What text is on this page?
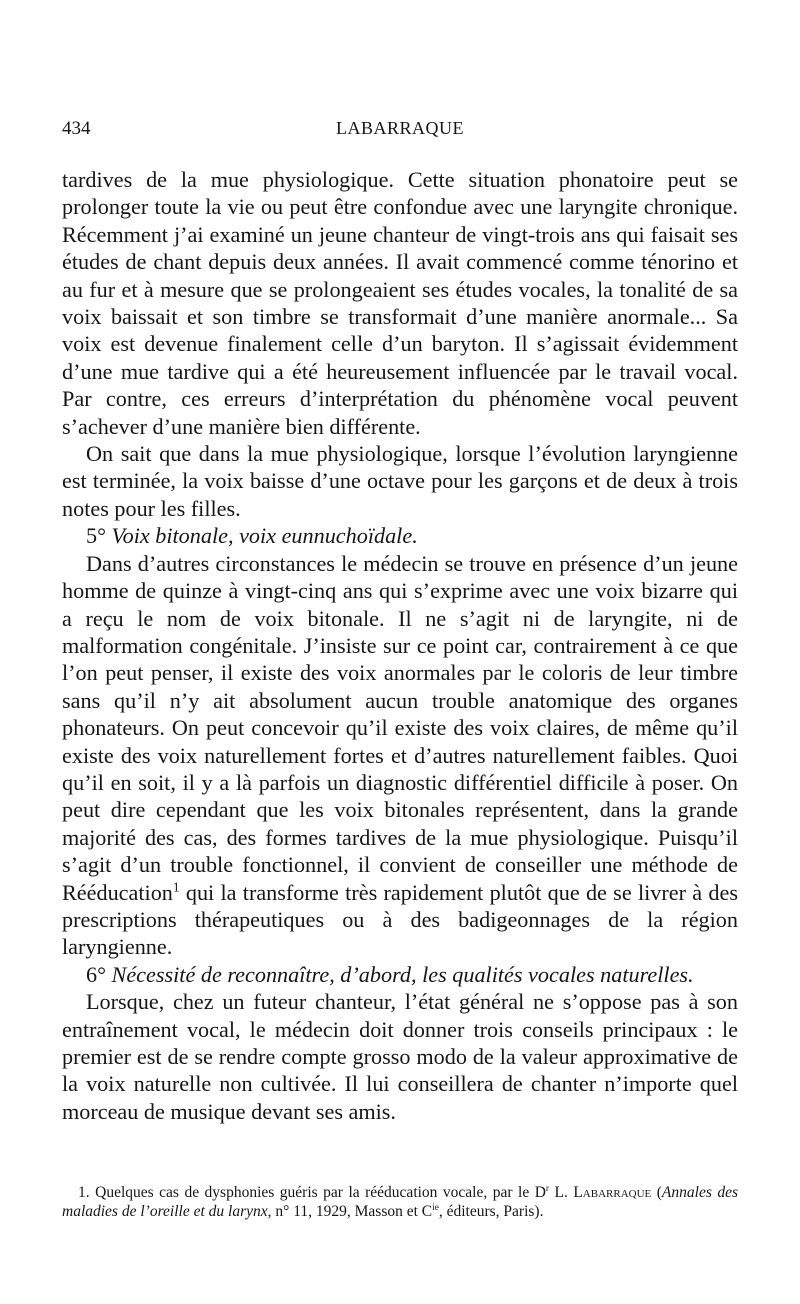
434	LABARRAQUE

tardives de la mue physiologique. Cette situation phonatoire peut se prolonger toute la vie ou peut être confondue avec une laryngite chronique. Récemment j’ai examiné un jeune chanteur de vingt-trois ans qui faisait ses études de chant depuis deux années. Il avait commencé comme ténorino et au fur et à mesure que se prolongeaient ses études vocales, la tonalité de sa voix baissait et son timbre se transformait d’une manière anormale... Sa voix est devenue finalement celle d’un baryton. Il s’agissait évidemment d’une mue tardive qui a été heureusement influencée par le travail vocal. Par contre, ces erreurs d’interprétation du phénomène vocal peuvent s’achever d’une manière bien différente.

On sait que dans la mue physiologique, lorsque l’évolution laryngienne est terminée, la voix baisse d’une octave pour les garçons et de deux à trois notes pour les filles.

5° Voix bitonale, voix eunnuchoïdale.

Dans d’autres circonstances le médecin se trouve en présence d’un jeune homme de quinze à vingt-cinq ans qui s’exprime avec une voix bizarre qui a reçu le nom de voix bitonale. Il ne s’agit ni de laryngite, ni de malformation congénitale. J’insiste sur ce point car, contrairement à ce que l’on peut penser, il existe des voix anormales par le coloris de leur timbre sans qu’il n’y ait absolument aucun trouble anatomique des organes phonateurs. On peut concevoir qu’il existe des voix claires, de même qu’il existe des voix naturellement fortes et d’autres naturellement faibles. Quoi qu’il en soit, il y a là parfois un diagnostic différentiel difficile à poser. On peut dire cependant que les voix bitonales représentent, dans la grande majorité des cas, des formes tardives de la mue physiologique. Puisqu’il s’agit d’un trouble fonctionnel, il convient de conseiller une méthode de Rééducation$^1$ qui la transforme très rapidement plutôt que de se livrer à des prescriptions thérapeutiques ou à des badigeonnages de la région laryngienne.

6° Nécessité de reconnaître, d’abord, les qualités vocales naturelles.

Lorsque, chez un futeur chanteur, l’état général ne s’oppose pas à son entraînement vocal, le médecin doit donner trois conseils principaux : le premier est de se rendre compte grosso modo de la valeur approximative de la voix naturelle non cultivée. Il lui conseillera de chanter n’importe quel morceau de musique devant ses amis.

1. Quelques cas de dysphonies guéris par la rééducation vocale, par le $D^r$ L. Labarraque (Annales des maladies de l’oreille et du larynx, n° 11, 1929, Masson et $C^{ie}$, éditeurs, Paris).
